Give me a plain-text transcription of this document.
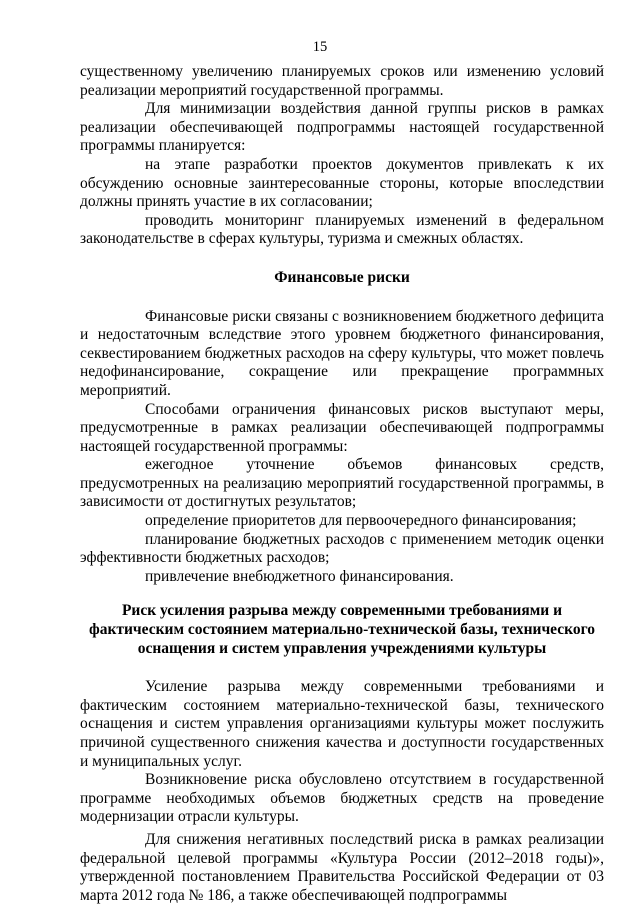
15

существенному увеличению планируемых сроков или изменению условий реализации мероприятий государственной программы.

Для минимизации воздействия данной группы рисков в рамках реализации обеспечивающей подпрограммы настоящей государственной программы планируется:

на этапе разработки проектов документов привлекать к их обсуждению основные заинтересованные стороны, которые впоследствии должны принять участие в их согласовании;

проводить мониторинг планируемых изменений в федеральном законодательстве в сферах культуры, туризма и смежных областях.

Финансовые риски

Финансовые риски связаны с возникновением бюджетного дефицита и недостаточным вследствие этого уровнем бюджетного финансирования, секвестированием бюджетных расходов на сферу культуры, что может повлечь недофинансирование, сокращение или прекращение программных мероприятий.

Способами ограничения финансовых рисков выступают меры, предусмотренные в рамках реализации обеспечивающей подпрограммы настоящей государственной программы:

ежегодное уточнение объемов финансовых средств, предусмотренных на реализацию мероприятий государственной программы, в зависимости от достигнутых результатов;

определение приоритетов для первоочередного финансирования;

планирование бюджетных расходов с применением методик оценки эффективности бюджетных расходов;

привлечение внебюджетного финансирования.

Риск усиления разрыва между современными требованиями и фактическим состоянием материально-технической базы, технического оснащения и систем управления учреждениями культуры

Усиление разрыва между современными требованиями и фактическим состоянием материально-технической базы, технического оснащения и систем управления организациями культуры может послужить причиной существенного снижения качества и доступности государственных и муниципальных услуг.

Возникновение риска обусловлено отсутствием в государственной программе необходимых объемов бюджетных средств на проведение модернизации отрасли культуры.

Для снижения негативных последствий риска в рамках реализации федеральной целевой программы «Культура России (2012–2018 годы)», утвержденной постановлением Правительства Российской Федерации от 03 марта 2012 года № 186, а также обеспечивающей подпрограммы
